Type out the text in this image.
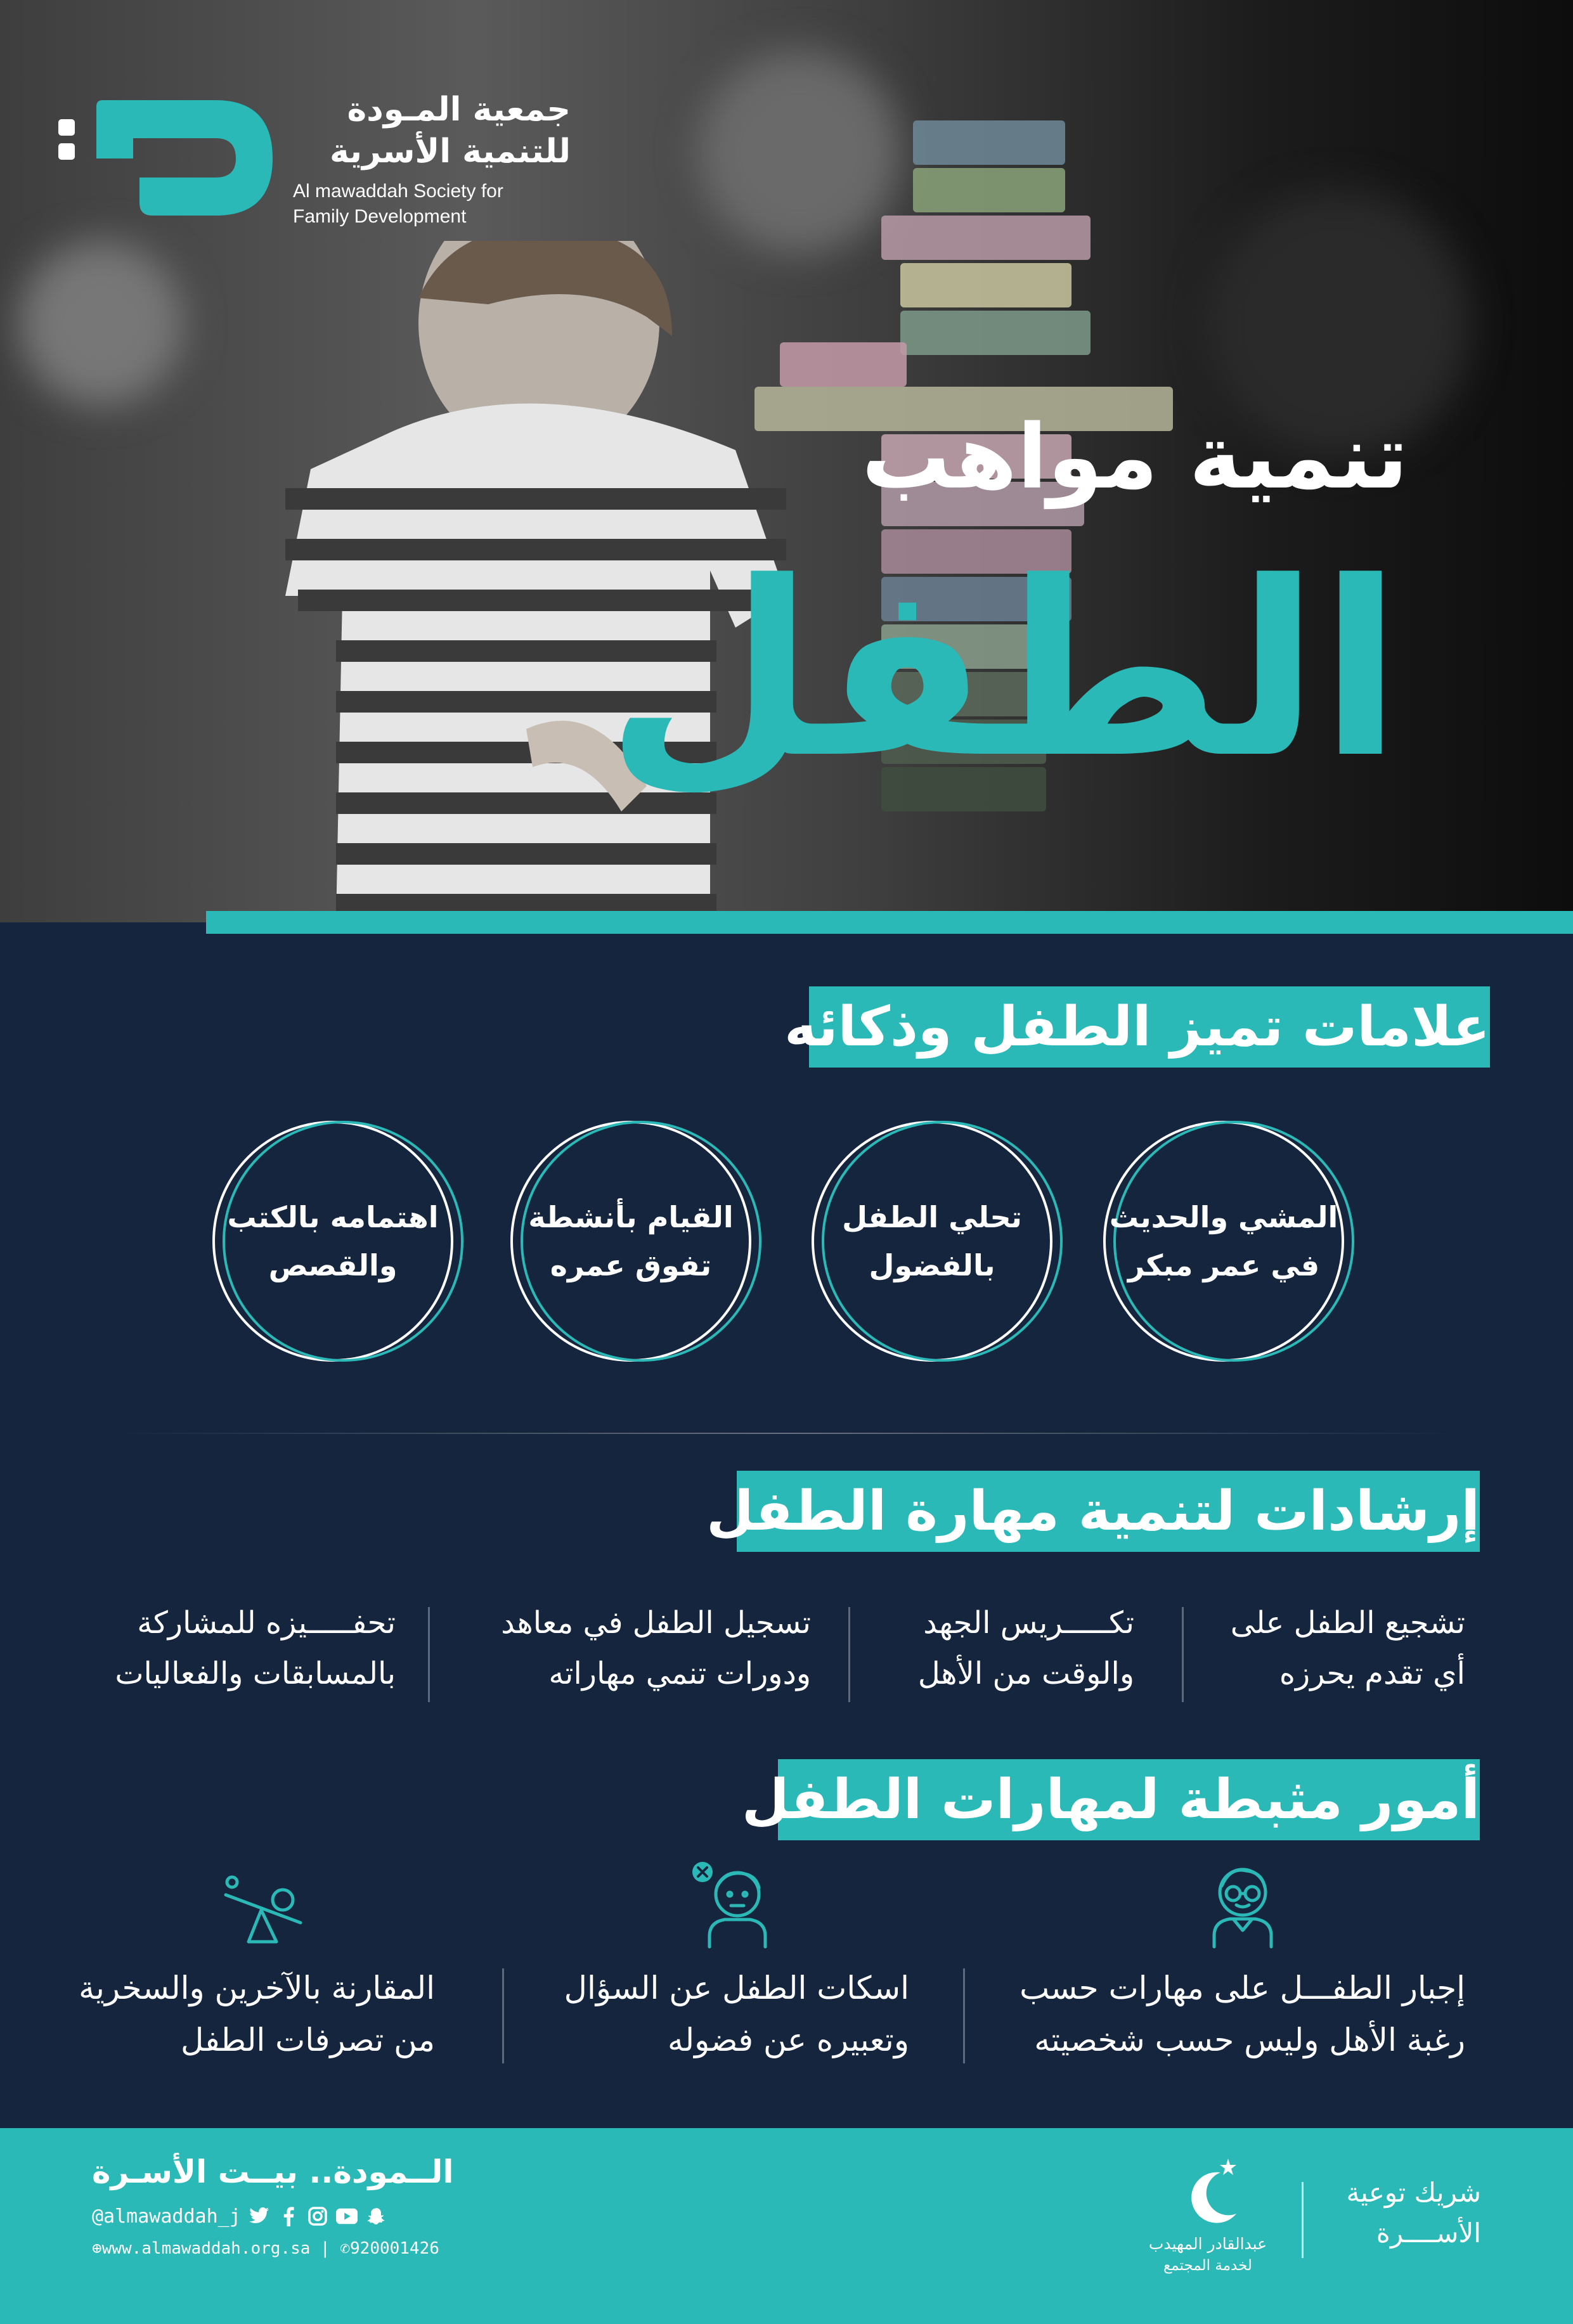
جمعية المـودة
للتنمية الأسرية
Al mawaddah Society for
Family Development
تنمية مواهب
الطفل
علامات تميز الطفل وذكائه
المشي والحديث
في عمر مبكر
تحلي الطفل
بالفضول
القيام بأنشطة
تفوق عمره
اهتمامه بالكتب
والقصص
إرشادات لتنمية مهارة الطفل
تشجيع الطفل على
أي تقدم يحرزه
تكـــــريس الجهد
والوقت من الأهل
تسجيل الطفل في معاهد
ودورات تنمي مهاراته
تحفـــــيزه للمشاركة
بالمسابقات والفعاليات
أمور مثبطة لمهارات الطفل
إجبار الطفـــل على مهارات حسب
رغبة الأهل وليس حسب شخصيته
اسكات الطفل عن السؤال
وتعبيره عن فضوله
المقارنة بالآخرين والسخرية
من تصرفات الطفل
الــمودة.. بيــت الأسـرة
@almawaddah_j
⊕www.almawaddah.org.sa | ✆920001426
شريك توعية
الأســــرة
عبدالقادر المهيدب
لخدمة المجتمع
